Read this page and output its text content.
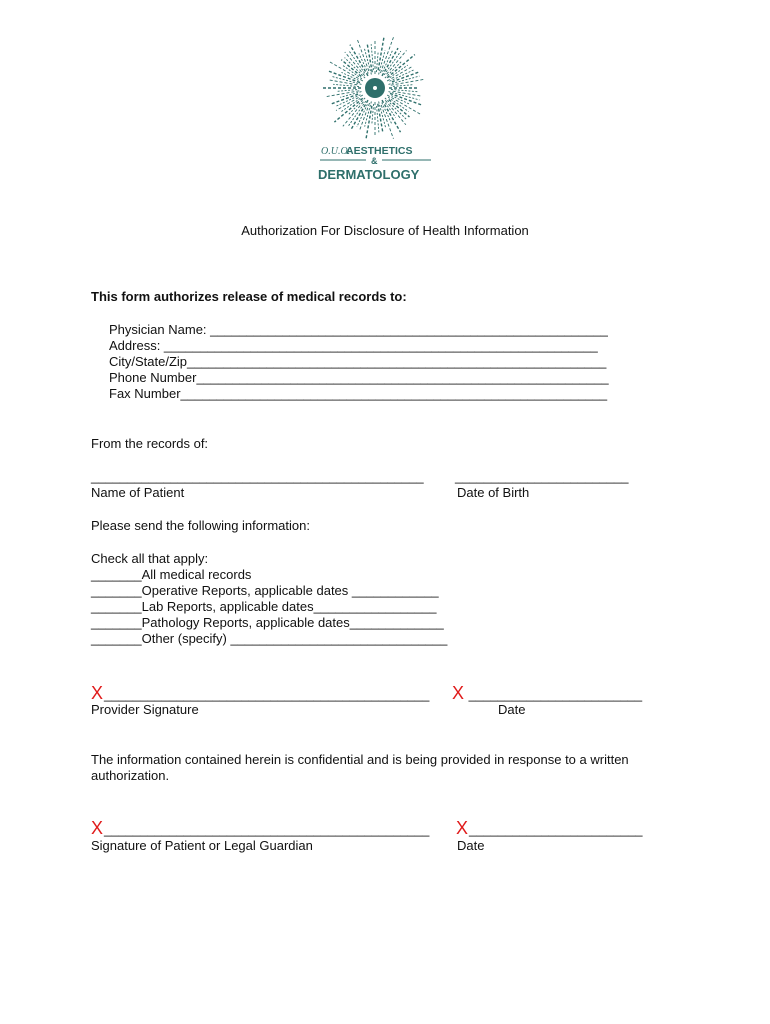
O.U.O.
AESTHETICS
&
DERMATOLOGY
Authorization For Disclosure of Health Information
This form authorizes release of medical records to:
Physician Name: _______________________________________________________
Address: ____________________________________________________________
City/State/Zip__________________________________________________________
Phone Number_________________________________________________________
Fax Number___________________________________________________________
From the records of:
______________________________________________ ________________________
Name of Patient	Date of Birth
Please send the following information:
Check all that apply:
_______All medical records
_______Operative Reports, applicable dates ____________
_______Lab Reports, applicable dates_________________
_______Pathology Reports, applicable dates_____________
_______Other (specify) ______________________________
X_____________________________________________ X ________________________
Provider Signature	Date
The information contained herein is confidential and is being provided in response to a written
authorization.
X_____________________________________________ X________________________
Signature of Patient or Legal Guardian	Date
